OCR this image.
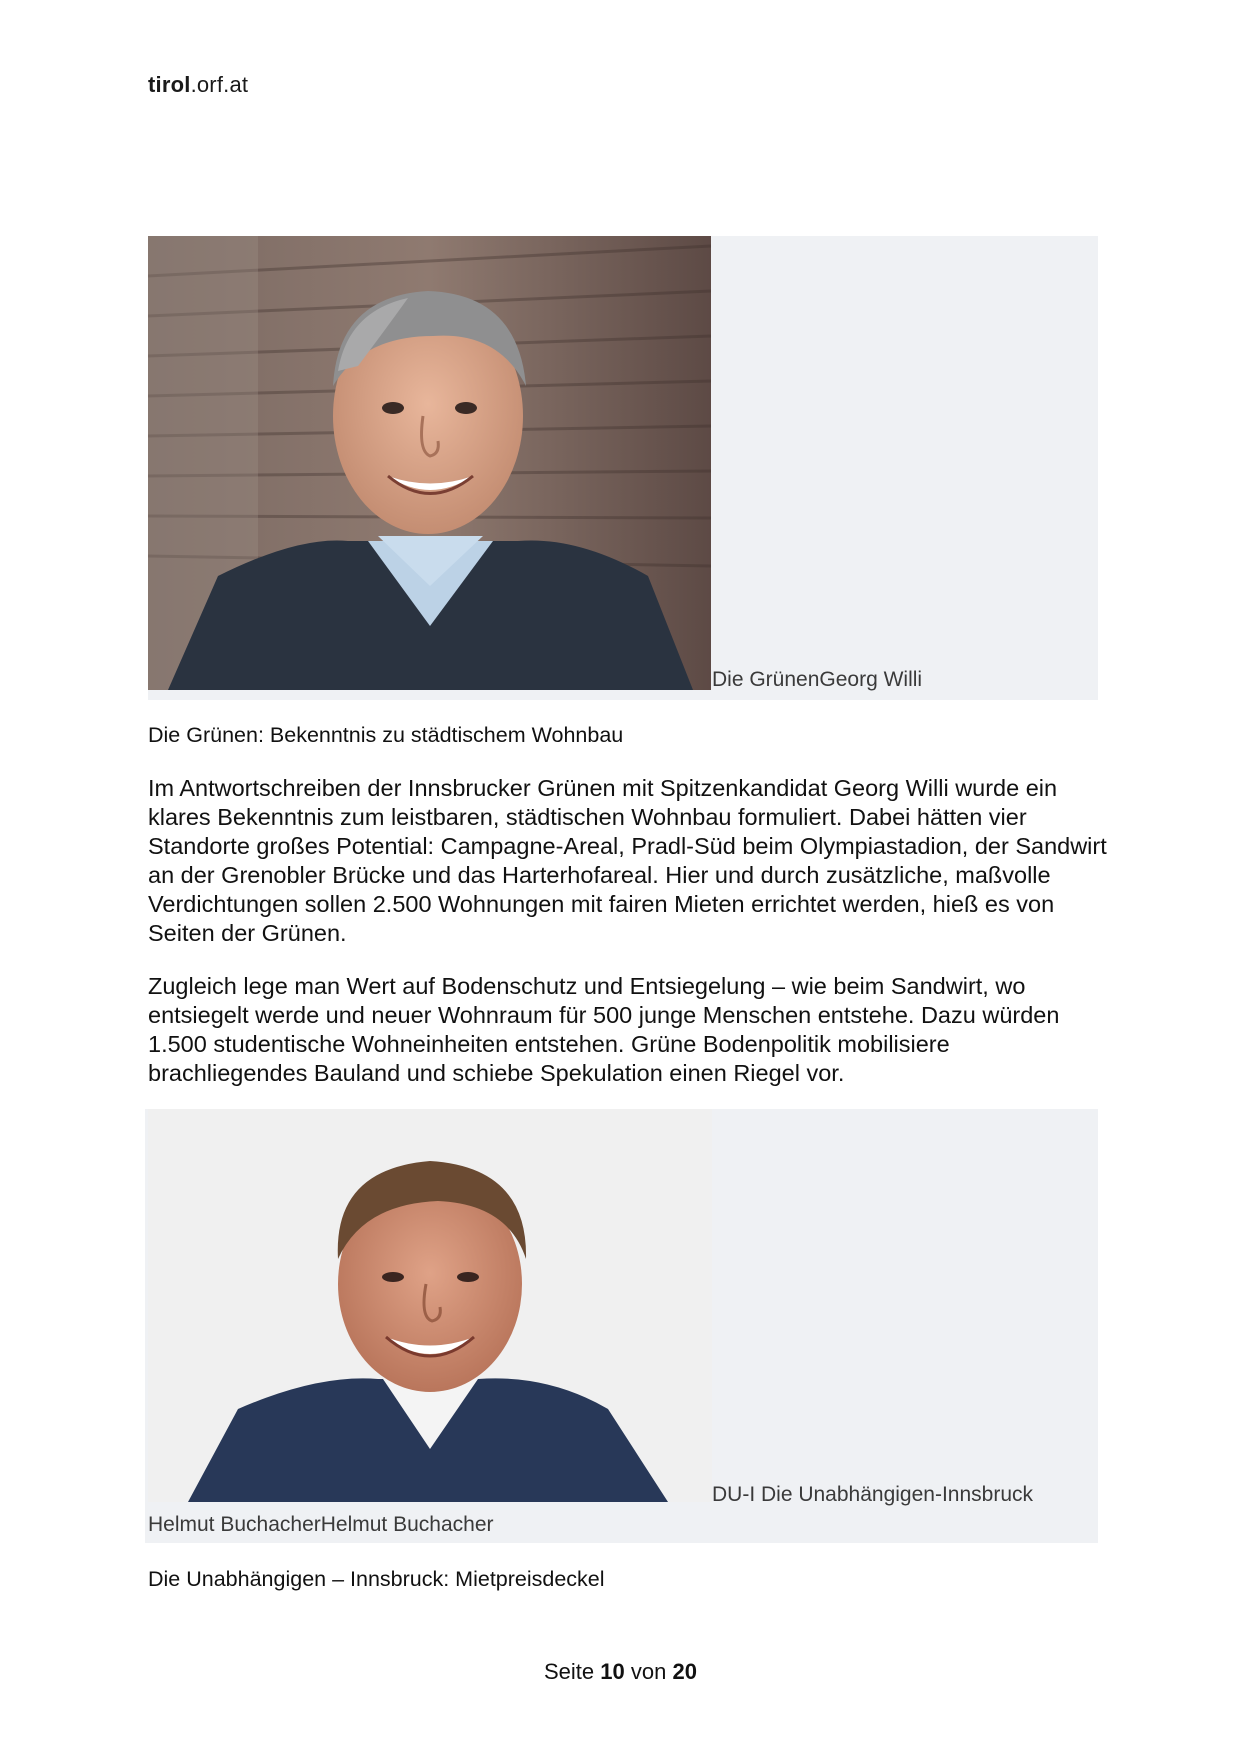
tirol.orf.at
Die GrünenGeorg Willi
Die Grünen: Bekenntnis zu städtischem Wohnbau

Im Antwortschreiben der Innsbrucker Grünen mit Spitzenkandidat Georg Willi wurde ein klares Bekenntnis zum leistbaren, städtischen Wohnbau formuliert. Dabei hätten vier Standorte großes Potential: Campagne-Areal, Pradl-Süd beim Olympiastadion, der Sandwirt an der Grenobler Brücke und das Harterhofareal. Hier und durch zusätzliche, maßvolle Verdichtungen sollen 2.500 Wohnungen mit fairen Mieten errichtet werden, hieß es von Seiten der Grünen.

Zugleich lege man Wert auf Bodenschutz und Entsiegelung – wie beim Sandwirt, wo entsiegelt werde und neuer Wohnraum für 500 junge Menschen entstehe. Dazu würden 1.500 studentische Wohneinheiten entstehen. Grüne Bodenpolitik mobilisiere brachliegendes Bauland und schiebe Spekulation einen Riegel vor.

DU-I Die Unabhängigen-Innsbruck
Helmut BuchacherHelmut Buchacher
Die Unabhängigen – Innsbruck: Mietpreisdeckel
Seite 10 von 20
